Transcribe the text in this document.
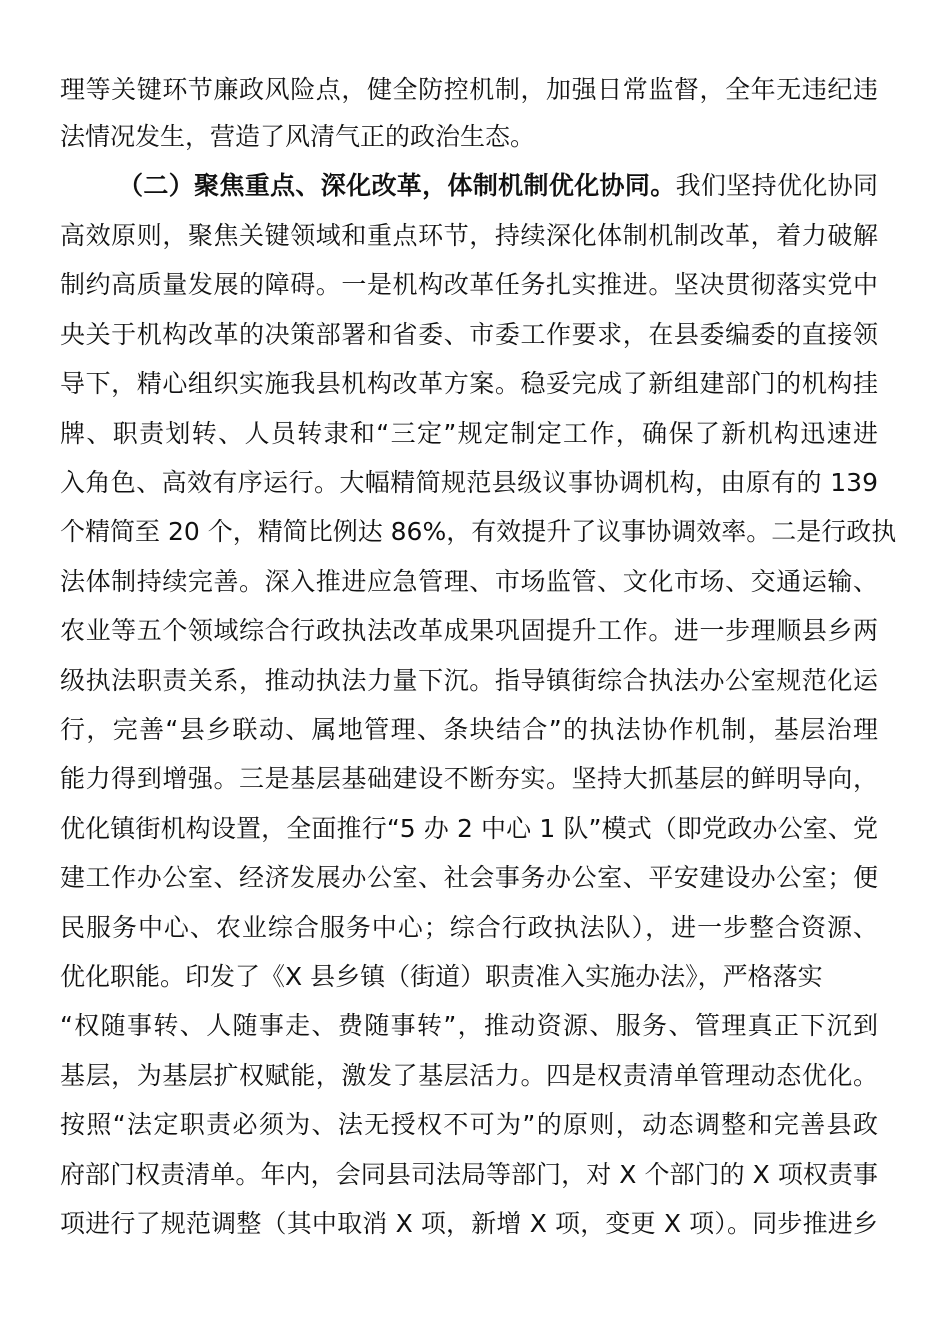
理等关键环节廉政风险点，健全防控机制，加强日常监督，全年无违纪违
法情况发生，营造了风清气正的政治生态。
（二）聚焦重点、深化改革，体制机制优化协同。我们坚持优化协同
高效原则，聚焦关键领域和重点环节，持续深化体制机制改革，着力破解
制约高质量发展的障碍。一是机构改革任务扎实推进。坚决贯彻落实党中
央关于机构改革的决策部署和省委、市委工作要求，在县委编委的直接领
导下，精心组织实施我县机构改革方案。稳妥完成了新组建部门的机构挂
牌、职责划转、人员转隶和“三定”规定制定工作，确保了新机构迅速进
入角色、高效有序运行。大幅精简规范县级议事协调机构，由原有的 139
个精简至 20 个，精简比例达 86%，有效提升了议事协调效率。二是行政执
法体制持续完善。深入推进应急管理、市场监管、文化市场、交通运输、
农业等五个领域综合行政执法改革成果巩固提升工作。进一步理顺县乡两
级执法职责关系，推动执法力量下沉。指导镇街综合执法办公室规范化运
行，完善“县乡联动、属地管理、条块结合”的执法协作机制，基层治理
能力得到增强。三是基层基础建设不断夯实。坚持大抓基层的鲜明导向，
优化镇街机构设置，全面推行“5 办 2 中心 1 队”模式（即党政办公室、党
建工作办公室、经济发展办公室、社会事务办公室、平安建设办公室；便
民服务中心、农业综合服务中心；综合行政执法队），进一步整合资源、
优化职能。印发了《X 县乡镇（街道）职责准入实施办法》，严格落实
“权随事转、人随事走、费随事转”，推动资源、服务、管理真正下沉到
基层，为基层扩权赋能，激发了基层活力。四是权责清单管理动态优化。
按照“法定职责必须为、法无授权不可为”的原则，动态调整和完善县政
府部门权责清单。年内，会同县司法局等部门，对 X 个部门的 X 项权责事
项进行了规范调整（其中取消 X 项，新增 X 项，变更 X 项）。同步推进乡
